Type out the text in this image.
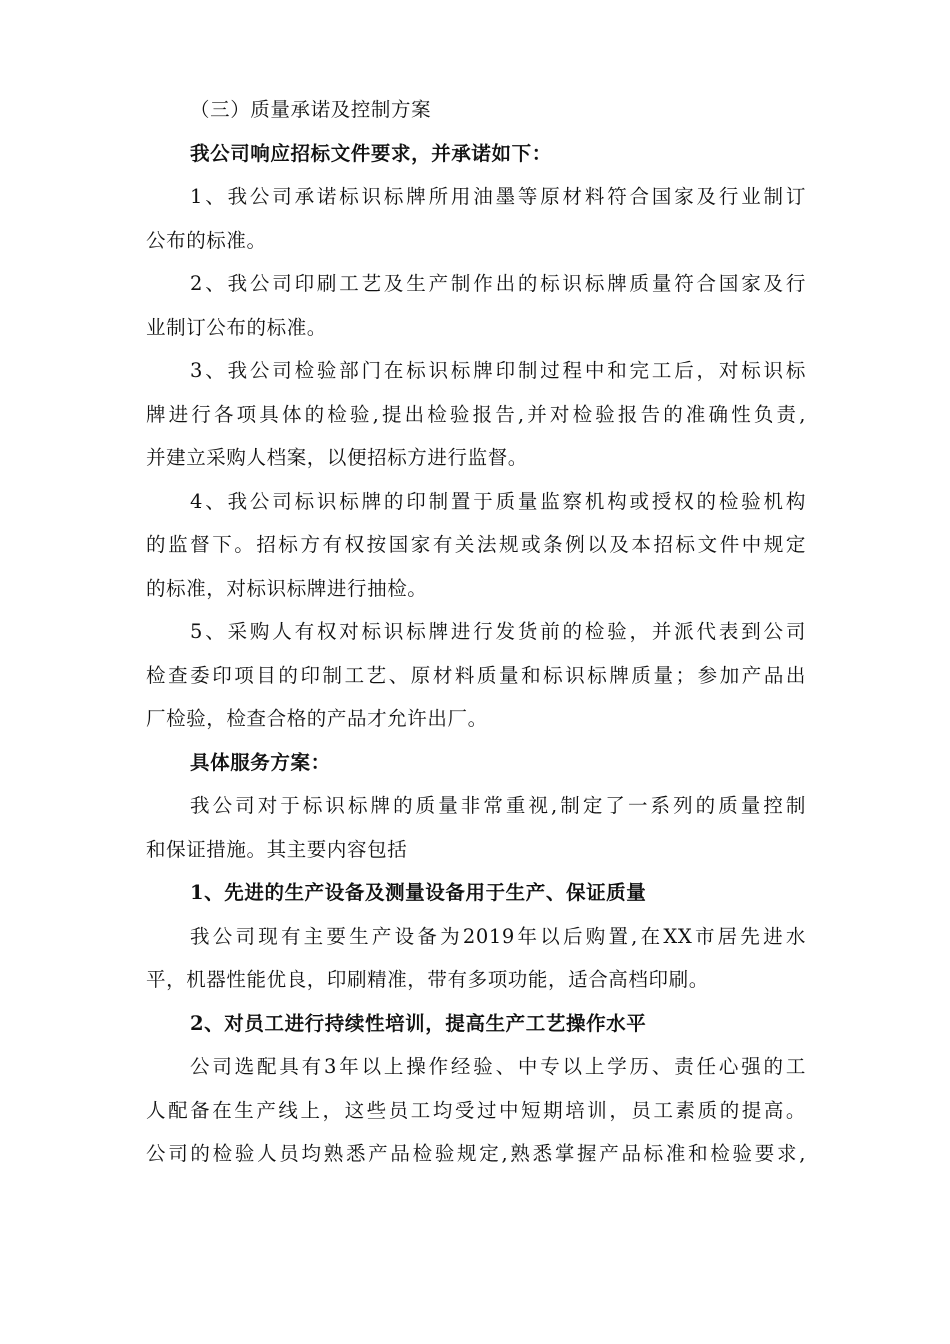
（三）质量承诺及控制方案
我公司响应招标文件要求，并承诺如下：
1、我公司承诺标识标牌所用油墨等原材料符合国家及行业制订
公布的标准。
2、我公司印刷工艺及生产制作出的标识标牌质量符合国家及行
业制订公布的标准。
3、我公司检验部门在标识标牌印制过程中和完工后，对标识标
牌进行各项具体的检验,提出检验报告,并对检验报告的准确性负责,
并建立采购人档案，以便招标方进行监督。
4、我公司标识标牌的印制置于质量监察机构或授权的检验机构
的监督下。招标方有权按国家有关法规或条例以及本招标文件中规定
的标准，对标识标牌进行抽检。
5、采购人有权对标识标牌进行发货前的检验，并派代表到公司
检查委印项目的印制工艺、原材料质量和标识标牌质量；参加产品出
厂检验，检查合格的产品才允许出厂。
具体服务方案：
我公司对于标识标牌的质量非常重视,制定了一系列的质量控制
和保证措施。其主要内容包括
1、先进的生产设备及测量设备用于生产、保证质量
我公司现有主要生产设备为2019年以后购置,在XX市居先进水
平，机器性能优良，印刷精准，带有多项功能，适合高档印刷。
2、对员工进行持续性培训，提高生产工艺操作水平
公司选配具有3年以上操作经验、中专以上学历、责任心强的工
人配备在生产线上，这些员工均受过中短期培训，员工素质的提高。
公司的检验人员均熟悉产品检验规定,熟悉掌握产品标准和检验要求,
